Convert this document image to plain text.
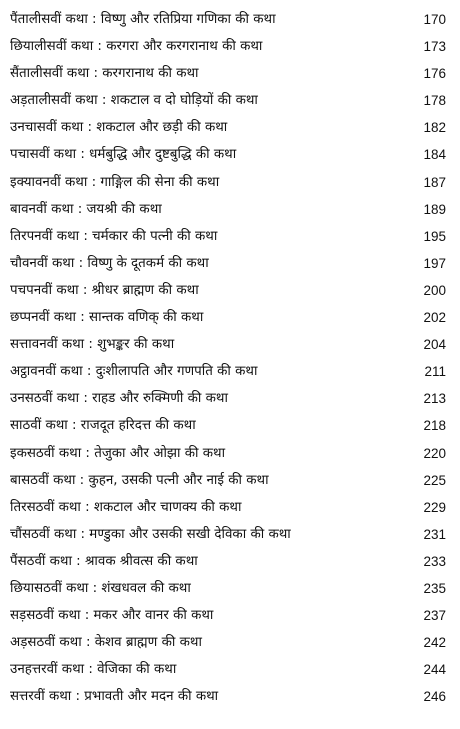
पैंतालीसवीं कथा : विष्णु और रतिप्रिया गणिका की कथा	170
छियालीसवीं कथा : करगरा और करगरानाथ की कथा	173
सैंतालीसवीं कथा : करगरानाथ की कथा	176
अड़तालीसवीं कथा : शकटाल व दो घोड़ियों की कथा	178
उनचासवीं कथा : शकटाल और छड़ी की कथा	182
पचासवीं कथा : धर्मबुद्धि और दुष्टबुद्धि की कथा	184
इक्यावनवीं कथा : गाङ्गिल की सेना की कथा	187
बावनवीं कथा : जयश्री की कथा	189
तिरपनवीं कथा : चर्मकार की पत्नी की कथा	195
चौवनवीं कथा : विष्णु के दूतकर्म की कथा	197
पचपनवीं कथा : श्रीधर ब्राह्मण की कथा	200
छप्पनवीं कथा : सान्तक वणिक् की कथा	202
सत्तावनवीं कथा : शुभङ्कर की कथा	204
अट्ठावनवीं कथा : दुःशीलापति और गणपति की कथा	211
उनसठवीं कथा : राहड और रुक्मिणी की कथा	213
साठवीं कथा : राजदूत हरिदत्त की कथा	218
इकसठवीं कथा : तेजुका और ओझा की कथा	220
बासठवीं कथा : कुहन, उसकी पत्नी और नाई की कथा	225
तिरसठवीं कथा : शकटाल और चाणक्य की कथा	229
चौंसठवीं कथा : मण्डुका और उसकी सखी देविका की कथा	231
पैंसठवीं कथा : श्रावक श्रीवत्स की कथा	233
छियासठवीं कथा : शंखधवल की कथा	235
सड़सठवीं कथा : मकर और वानर की कथा	237
अड़सठवीं कथा : केशव ब्राह्मण की कथा	242
उनहत्तरवीं कथा : वेजिका की कथा	244
सत्तरवीं कथा : प्रभावती और मदन की कथा	246
